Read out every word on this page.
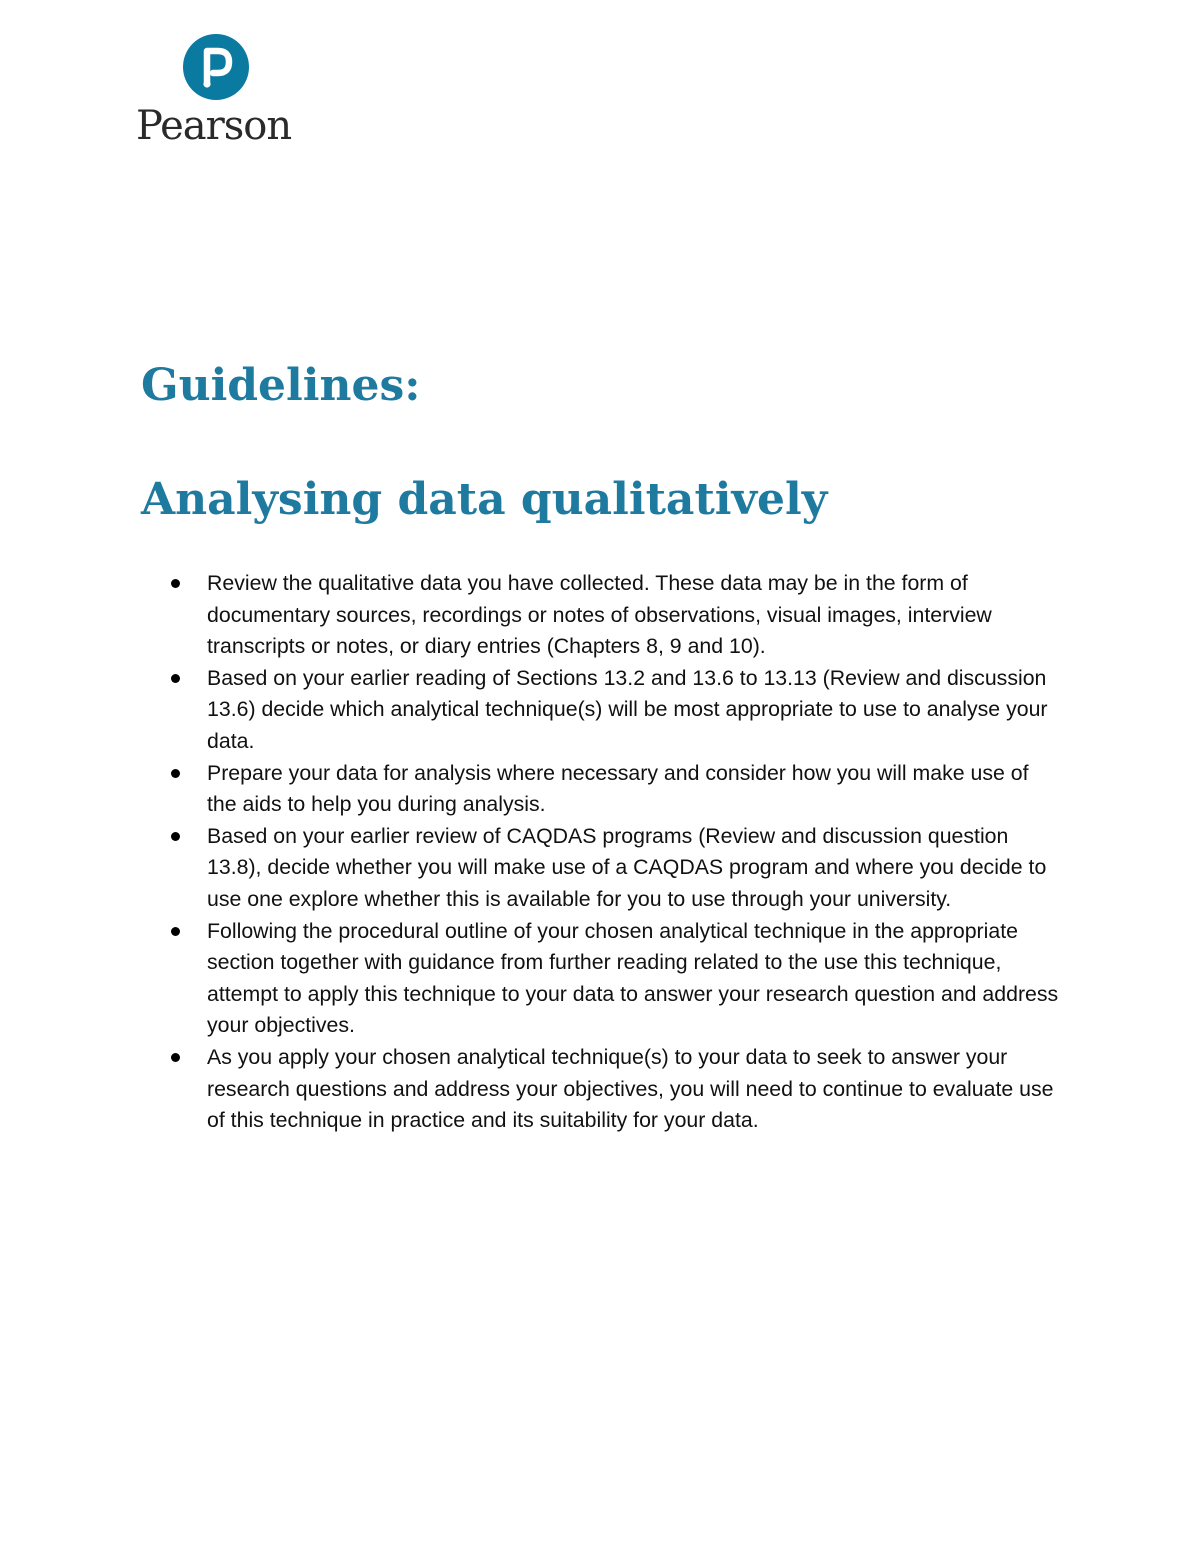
Pearson
Guidelines:
Analysing data qualitatively
Review the qualitative data you have collected. These data may be in the form of documentary sources, recordings or notes of observations, visual images, interview transcripts or notes, or diary entries (Chapters 8, 9 and 10).
Based on your earlier reading of Sections 13.2 and 13.6 to 13.13 (Review and discussion 13.6) decide which analytical technique(s) will be most appropriate to use to analyse your data.
Prepare your data for analysis where necessary and consider how you will make use of the aids to help you during analysis.
Based on your earlier review of CAQDAS programs (Review and discussion question 13.8), decide whether you will make use of a CAQDAS program and where you decide to use one explore whether this is available for you to use through your university.
Following the procedural outline of your chosen analytical technique in the appropriate section together with guidance from further reading related to the use this technique, attempt to apply this technique to your data to answer your research question and address your objectives.
As you apply your chosen analytical technique(s) to your data to seek to answer your research questions and address your objectives, you will need to continue to evaluate use of this technique in practice and its suitability for your data.
